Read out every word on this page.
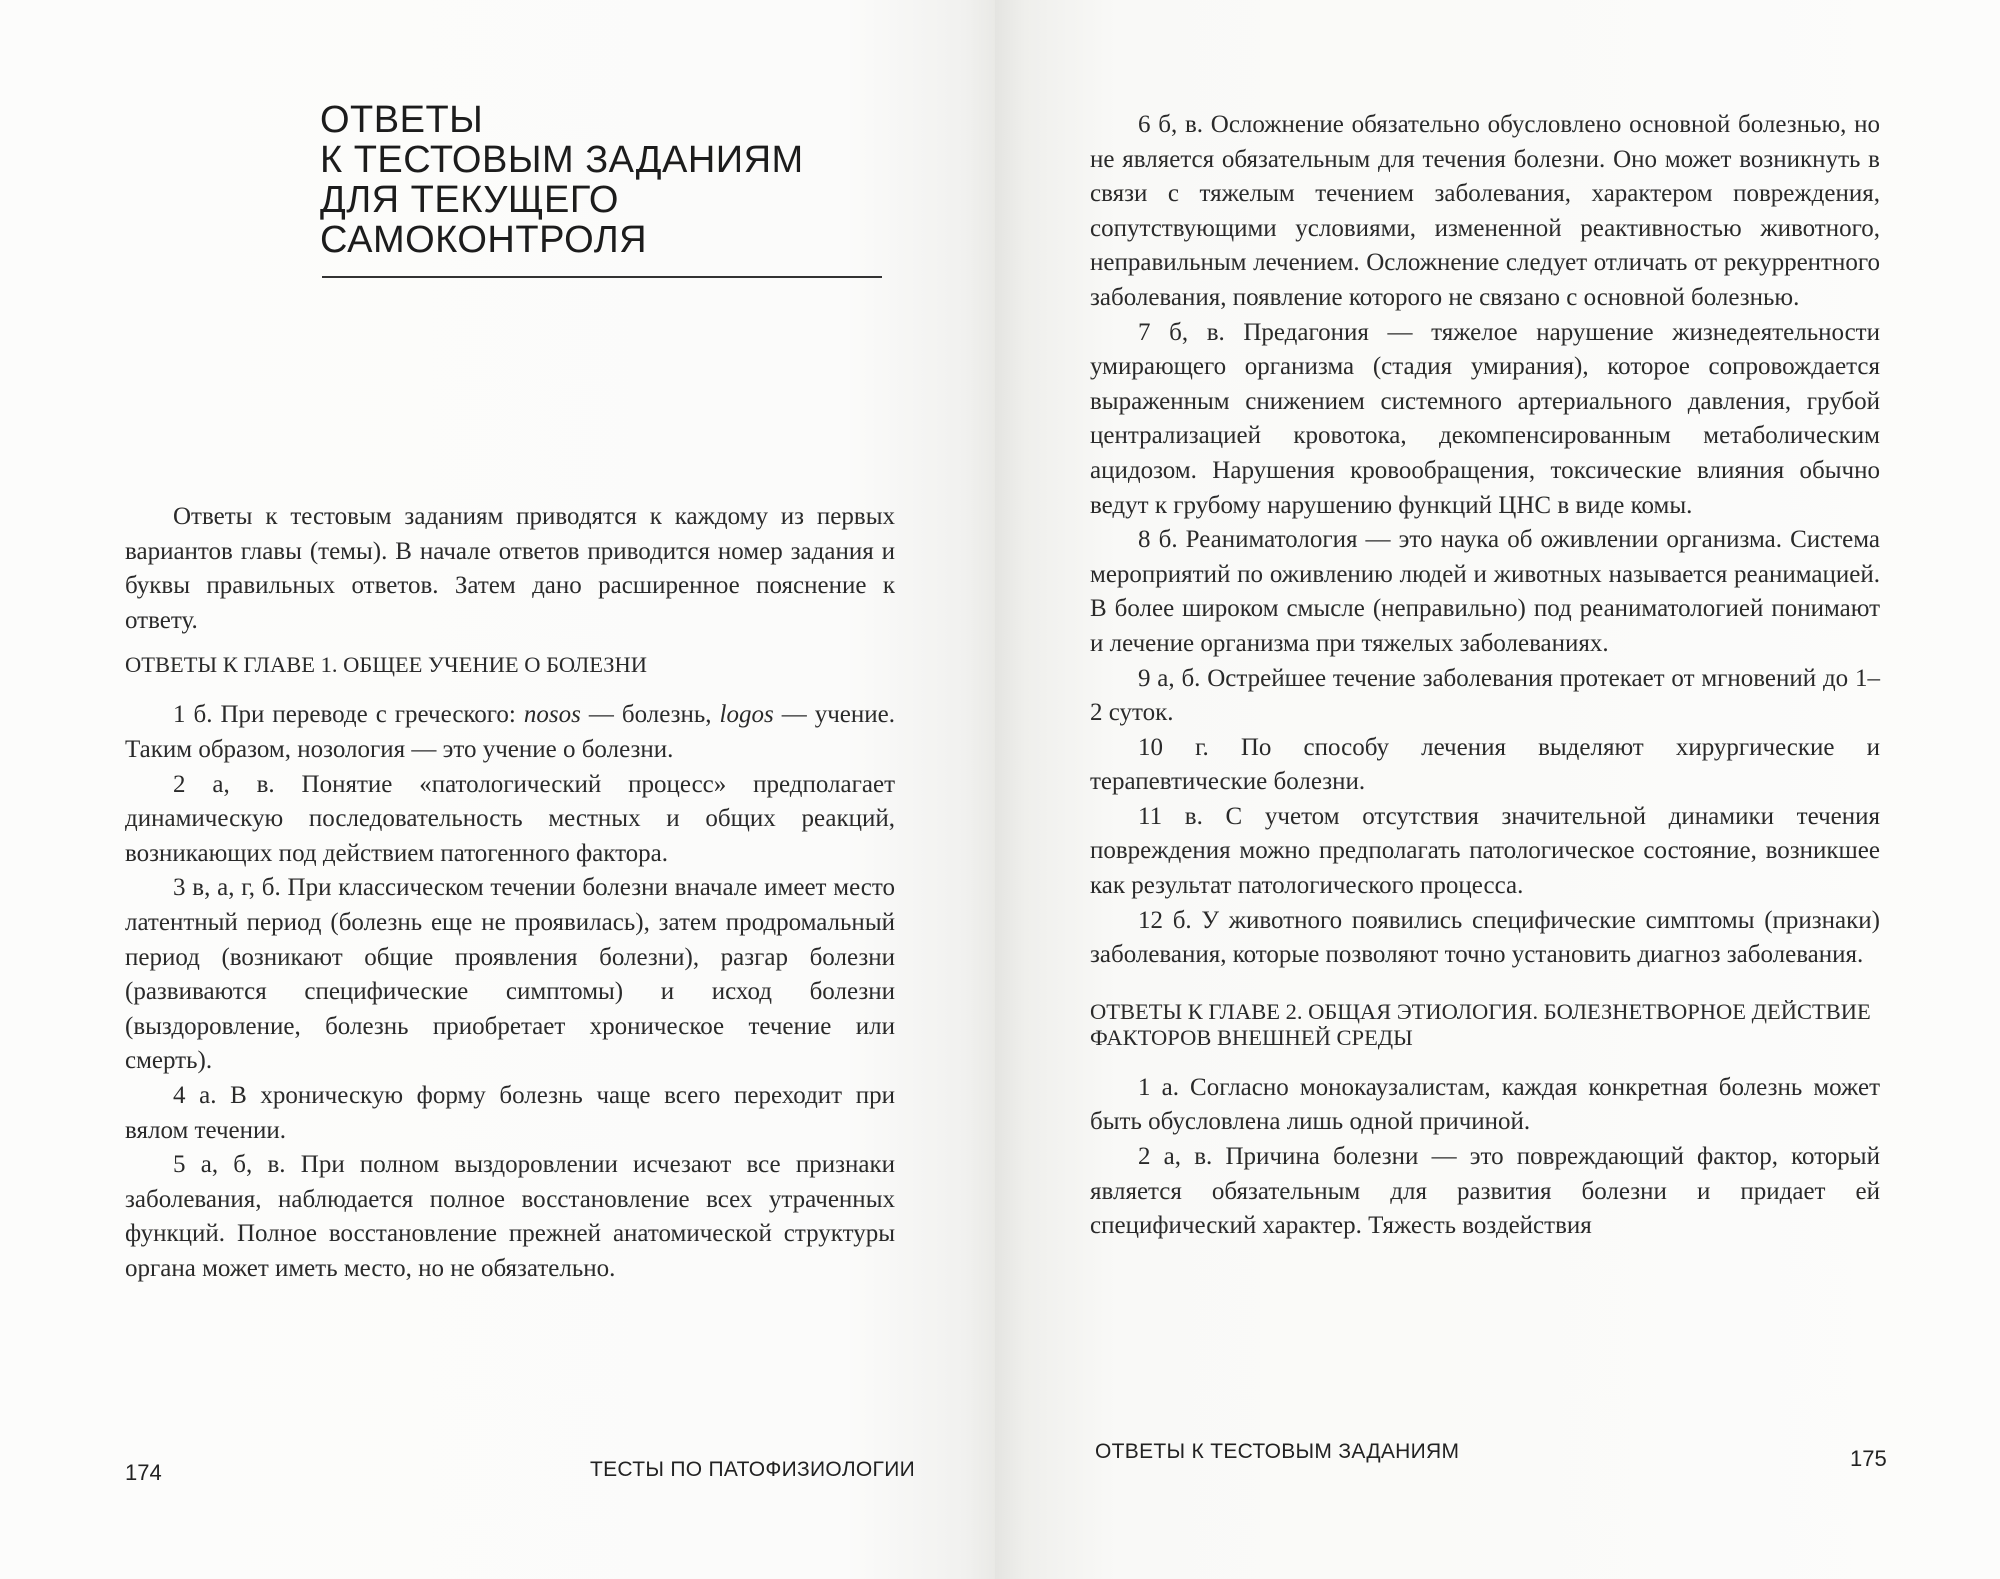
ОТВЕТЫ
К ТЕСТОВЫМ ЗАДАНИЯМ
ДЛЯ ТЕКУЩЕГО
САМОКОНТРОЛЯ

Ответы к тестовым заданиям приводятся к каждому из первых вариантов главы (темы). В начале ответов приводится номер задания и буквы правильных ответов. Затем дано расширенное пояснение к ответу.

ОТВЕТЫ К ГЛАВЕ 1. ОБЩЕЕ УЧЕНИЕ О БОЛЕЗНИ

1 б. При переводе с греческого: nosos — болезнь, logos — учение. Таким образом, нозология — это учение о болезни.

2 а, в. Понятие «патологический процесс» предполагает динамическую последовательность местных и общих реакций, возникающих под действием патогенного фактора.

3 в, а, г, б. При классическом течении болезни вначале имеет место латентный период (болезнь еще не проявилась), затем продромальный период (возникают общие проявления болезни), разгар болезни (развиваются специфические симптомы) и исход болезни (выздоровление, болезнь приобретает хроническое течение или смерть).

4 а. В хроническую форму болезнь чаще всего переходит при вялом течении.

5 а, б, в. При полном выздоровлении исчезают все признаки заболевания, наблюдается полное восстановление всех утраченных функций. Полное восстановление прежней анатомической структуры органа может иметь место, но не обязательно.

174	ТЕСТЫ ПО ПАТОФИЗИОЛОГИИ

6 б, в. Осложнение обязательно обусловлено основной болезнью, но не является обязательным для течения болезни. Оно может возникнуть в связи с тяжелым течением заболевания, характером повреждения, сопутствующими условиями, измененной реактивностью животного, неправильным лечением. Осложнение следует отличать от рекуррентного заболевания, появление которого не связано с основной болезнью.

7 б, в. Предагония — тяжелое нарушение жизнедеятельности умирающего организма (стадия умирания), которое сопровождается выраженным снижением системного артериального давления, грубой централизацией кровотока, декомпенсированным метаболическим ацидозом. Нарушения кровообращения, токсические влияния обычно ведут к грубому нарушению функций ЦНС в виде комы.

8 б. Реаниматология — это наука об оживлении организма. Система мероприятий по оживлению людей и животных называется реанимацией. В более широком смысле (неправильно) под реаниматологией понимают и лечение организма при тяжелых заболеваниях.

9 а, б. Острейшее течение заболевания протекает от мгновений до 1–2 суток.

10 г. По способу лечения выделяют хирургические и терапевтические болезни.

11 в. С учетом отсутствия значительной динамики течения повреждения можно предполагать патологическое состояние, возникшее как результат патологического процесса.

12 б. У животного появились специфические симптомы (признаки) заболевания, которые позволяют точно установить диагноз заболевания.

ОТВЕТЫ К ГЛАВЕ 2. ОБЩАЯ ЭТИОЛОГИЯ. БОЛЕЗНЕТВОРНОЕ ДЕЙСТВИЕ ФАКТОРОВ ВНЕШНЕЙ СРЕДЫ

1 а. Согласно монокаузалистам, каждая конкретная болезнь может быть обусловлена лишь одной причиной.

2 а, в. Причина болезни — это повреждающий фактор, который является обязательным для развития болезни и придает ей специфический характер. Тяжесть воздействия

ОТВЕТЫ К ТЕСТОВЫМ ЗАДАНИЯМ	175
